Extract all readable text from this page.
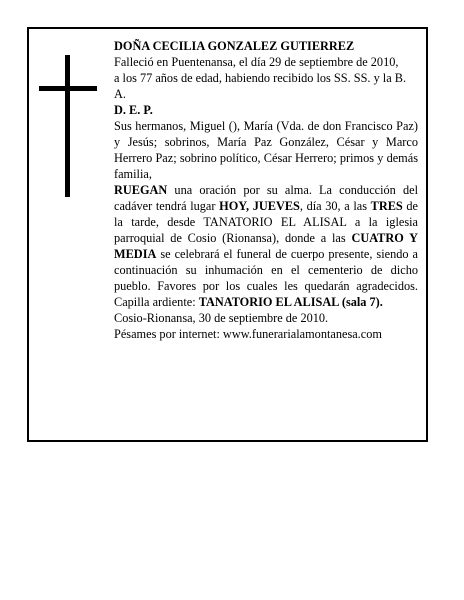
DOÑA CECILIA GONZALEZ GUTIERREZ

Falleció en Puentenansa, el día 29 de septiembre de 2010,

a los 77 años de edad, habiendo recibido los SS. SS. y la B. A.

D. E. P.

Sus hermanos, Miguel (), María (Vda. de don Francisco Paz) y Jesús; sobrinos, María Paz González, César y Marco Herrero Paz; sobrino político, César Herrero; primos y demás familia,

RUEGAN una oración por su alma. La conducción del cadáver tendrá lugar HOY, JUEVES, día 30, a las TRES de la tarde, desde TANATORIO EL ALISAL a la iglesia parroquial de Cosio (Rionansa), donde a las CUATRO Y MEDIA se celebrará el funeral de cuerpo presente, siendo a continuación su inhumación en el cementerio de dicho pueblo. Favores por los cuales les quedarán agradecidos. Capilla ardiente: TANATORIO EL ALISAL (sala 7).

Cosio-Rionansa, 30 de septiembre de 2010.

Pésames por internet: www.funerarialamontanesa.com
